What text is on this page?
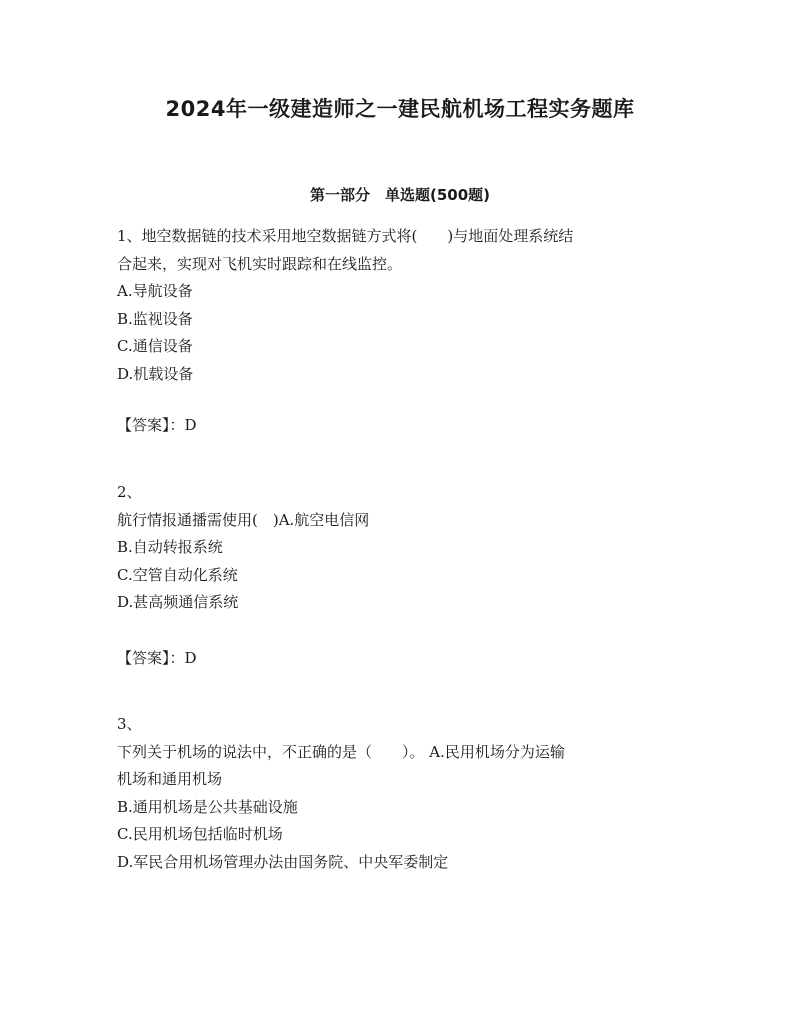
2024年一级建造师之一建民航机场工程实务题库
第一部分　单选题(500题)
1、地空数据链的技术采用地空数据链方式将(　　)与地面处理系统结
合起来，实现对飞机实时跟踪和在线监控。
A.导航设备
B.监视设备
C.通信设备
D.机载设备
【答案】：D
2、
航行情报通播需使用(　)A.航空电信网
B.自动转报系统
C.空管自动化系统
D.甚高频通信系统
【答案】：D
3、
下列关于机场的说法中，不正确的是（　　）。 A.民用机场分为运输
机场和通用机场
B.通用机场是公共基础设施
C.民用机场包括临时机场
D.军民合用机场管理办法由国务院、中央军委制定
